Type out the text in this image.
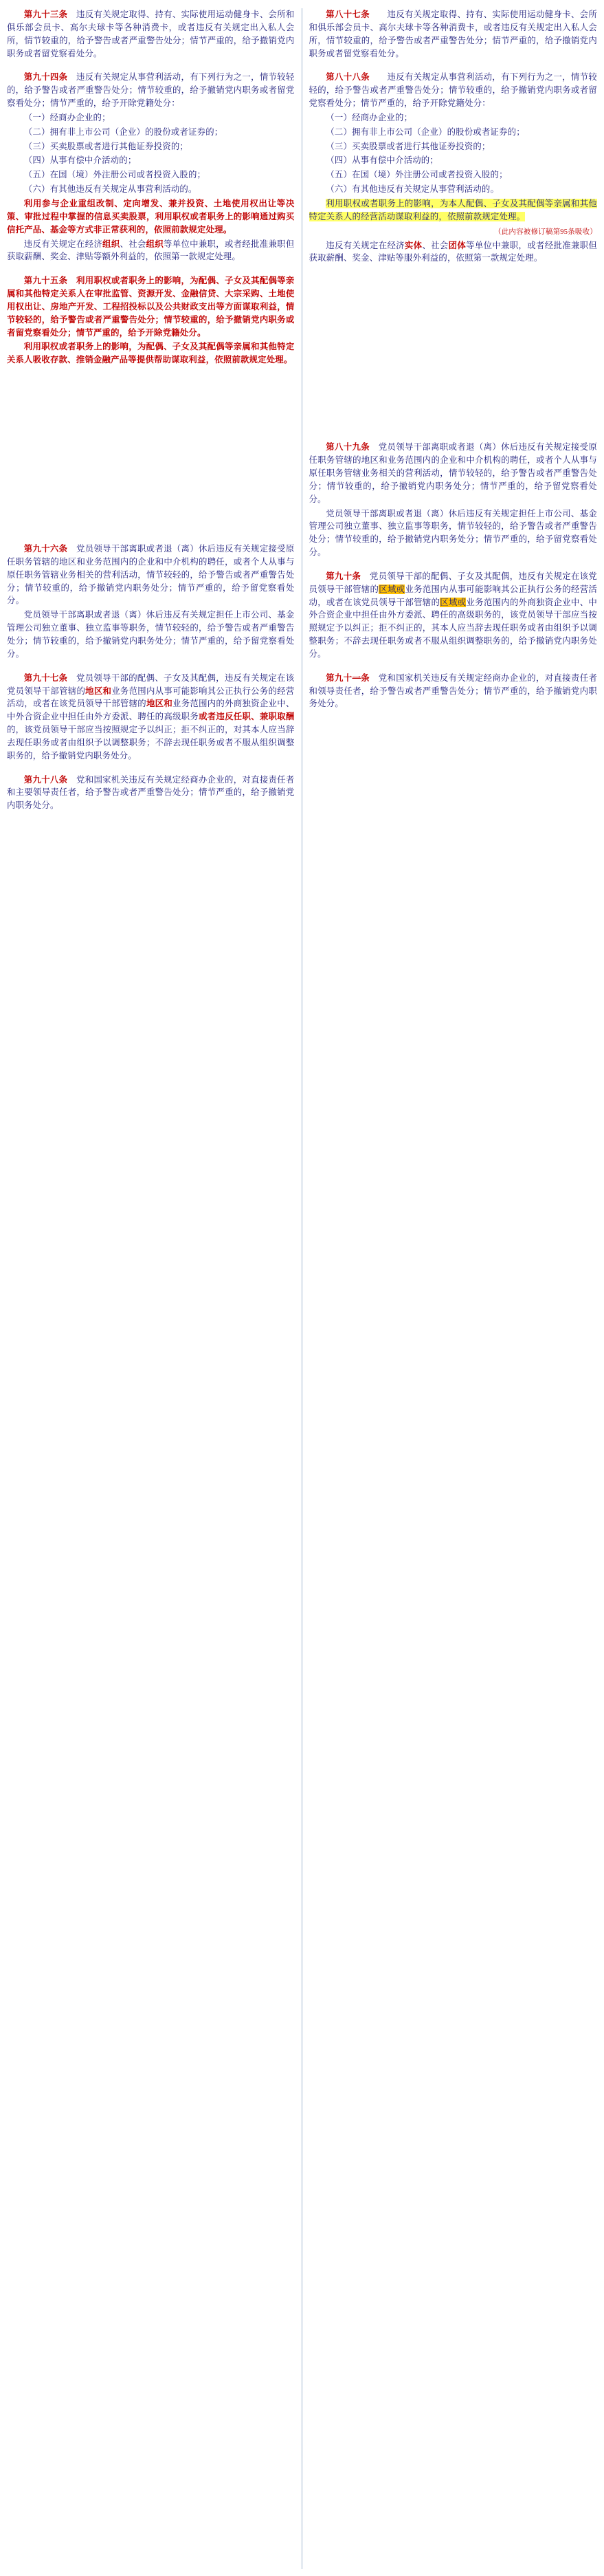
第九十三条　 违反有关规定取得、持有、实际使用运动健身卡、会所和俱乐部会员卡、高尔夫球卡等各种消费卡，或者违反有关规定出入私人会所，情节较重的，给予警告或者严重警告处分；情节严重的，给予撤销党内职务或者留党察看处分。

第九十四条　 违反有关规定从事营利活动，有下列行为之一，情节较轻的，给予警告或者严重警告处分；情节较重的，给予撤销党内职务或者留党察看处分；情节严重的，给予开除党籍处分：

（一）经商办企业的；

（二）拥有非上市公司（企业）的股份或者证券的；

（三）买卖股票或者进行其他证券投资的；

（四）从事有偿中介活动的；

（五）在国（境）外注册公司或者投资入股的；

（六）有其他违反有关规定从事营利活动的。

利用参与企业重组改制、定向增发、兼并投资、土地使用权出让等决策、审批过程中掌握的信息买卖股票，利用职权或者职务上的影响通过购买信托产品、基金等方式非正常获利的，依照前款规定处理。

违反有关规定在经济组织、社会组织等单位中兼职，或者经批准兼职但获取薪酬、奖金、津贴等额外利益的，依照第一款规定处理。

第九十五条　 利用职权或者职务上的影响，为配偶、子女及其配偶等亲属和其他特定关系人在审批监管、资源开发、金融信贷、大宗采购、土地使用权出让、房地产开发、工程招投标以及公共财政支出等方面谋取利益，情节较轻的，给予警告或者严重警告处分；情节较重的，给予撤销党内职务或者留党察看处分；情节严重的，给予开除党籍处分。

利用职权或者职务上的影响，为配偶、子女及其配偶等亲属和其他特定关系人吸收存款、推销金融产品等提供帮助谋取利益，依照前款规定处理。

第九十六条　 党员领导干部离职或者退（离）休后违反有关规定接受原任职务管辖的地区和业务范围内的企业和中介机构的聘任，或者个人从事与原任职务管辖业务相关的营利活动，情节较轻的，给予警告或者严重警告处分；情节较重的，给予撤销党内职务处分；情节严重的，给予留党察看处分。

党员领导干部离职或者退（离）休后违反有关规定担任上市公司、基金管理公司独立董事、独立监事等职务，情节较轻的，给予警告或者严重警告处分；情节较重的，给予撤销党内职务处分；情节严重的，给予留党察看处分。

第九十七条　 党员领导干部的配偶、子女及其配偶，违反有关规定在该党员领导干部管辖的地区和业务范围内从事可能影响其公正执行公务的经营活动，或者在该党员领导干部管辖的地区和业务范围内的外商独资企业中、中外合资企业中担任由外方委派、聘任的高级职务或者违反任职、兼职取酬的，该党员领导干部应当按照规定予以纠正；拒不纠正的，对其本人应当辞去现任职务或者由组织予以调整职务；不辞去现任职务或者不服从组织调整职务的，给予撤销党内职务处分。

第九十八条　 党和国家机关违反有关规定经商办企业的，对直接责任者和主要领导责任者，给予警告或者严重警告处分；情节严重的，给予撤销党内职务处分。

第八十七条　　 违反有关规定取得、持有、实际使用运动健身卡、会所和俱乐部会员卡、高尔夫球卡等各种消费卡，或者违反有关规定出入私人会所，情节较重的，给予警告或者严重警告处分；情节严重的，给予撤销党内职务或者留党察看处分。

第八十八条　　 违反有关规定从事营利活动，有下列行为之一，情节较轻的，给予警告或者严重警告处分；情节较重的，给予撤销党内职务或者留党察看处分；情节严重的，给予开除党籍处分：

（一）经商办企业的；

（二）拥有非上市公司（企业）的股份或者证券的；

（三）买卖股票或者进行其他证券投资的；

（四）从事有偿中介活动的；

（五）在国（境）外注册公司或者投资入股的；

（六）有其他违反有关规定从事营利活动的。

利用职权或者职务上的影响，为本人配偶、子女及其配偶等亲属和其他特定关系人的经营活动谋取利益的，依照前款规定处理。

（此内容被修订稿第95条吸收）

违反有关规定在经济实体、社会团体等单位中兼职，或者经批准兼职但获取薪酬、奖金、津贴等服外利益的，依照第一款规定处理。

第八十九条　 党员领导干部离职或者退（离）休后违反有关规定接受原任职务管辖的地区和业务范围内的企业和中介机构的聘任，或者个人从事与原任职务管辖业务相关的营利活动，情节较轻的，给予警告或者严重警告处分；情节较重的，给予撤销党内职务处分；情节严重的，给予留党察看处分。

党员领导干部离职或者退（离）休后违反有关规定担任上市公司、基金管理公司独立董事、独立监事等职务，情节较轻的，给予警告或者严重警告处分；情节较重的，给予撤销党内职务处分；情节严重的，给予留党察看处分。

第九十条　 党员领导干部的配偶、子女及其配偶，违反有关规定在该党员领导干部管辖的区域或业务范围内从事可能影响其公正执行公务的经营活动，或者在该党员领导干部管辖的区域或业务范围内的外商独资企业中、中外合资企业中担任由外方委派、聘任的高级职务的，该党员领导干部应当按照规定予以纠正；拒不纠正的，其本人应当辞去现任职务或者由组织予以调整职务；不辞去现任职务或者不服从组织调整职务的，给予撤销党内职务处分。

第九十一条　 党和国家机关违反有关规定经商办企业的，对直接责任者和领导责任者，给予警告或者严重警告处分；情节严重的，给予撤销党内职务处分。
